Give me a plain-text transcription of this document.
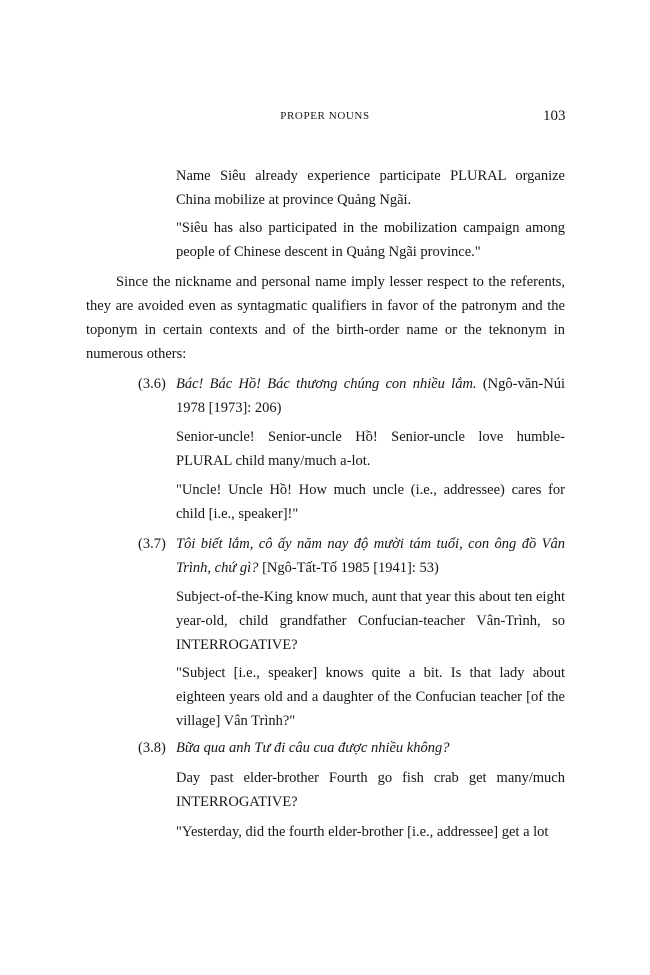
PROPER NOUNS	103
Name Siêu already experience participate PLURAL organize China mobilize at province Quảng Ngãi.
"Siêu has also participated in the mobilization campaign among people of Chinese descent in Quảng Ngãi province."
Since the nickname and personal name imply lesser respect to the referents, they are avoided even as syntagmatic qualifiers in favor of the patronym and the toponym in certain contexts and of the birth-order name or the teknonym in numerous others:
(3.6) Bác! Bác Hồ! Bác thương chúng con nhiều lắm. (Ngô-văn-Núi 1978 [1973]: 206)
Senior-uncle! Senior-uncle Hồ! Senior-uncle love humble-PLURAL child many/much a-lot.
"Uncle! Uncle Hồ! How much uncle (i.e., addressee) cares for child [i.e., speaker]!"
(3.7) Tôi biết lắm, cô ấy năm nay độ mười tám tuổi, con ông đồ Vân Trình, chứ gì? [Ngô-Tất-Tố 1985 [1941]: 53)
Subject-of-the-King know much, aunt that year this about ten eight year-old, child grandfather Confucian-teacher Vân-Trình, so INTERROGATIVE?
"Subject [i.e., speaker] knows quite a bit. Is that lady about eighteen years old and a daughter of the Confucian teacher [of the village] Vân Trình?"
(3.8) Bữa qua anh Tư đi câu cua được nhiều không?
Day past elder-brother Fourth go fish crab get many/much INTERROGATIVE?
"Yesterday, did the fourth elder-brother [i.e., addressee] get a lot
